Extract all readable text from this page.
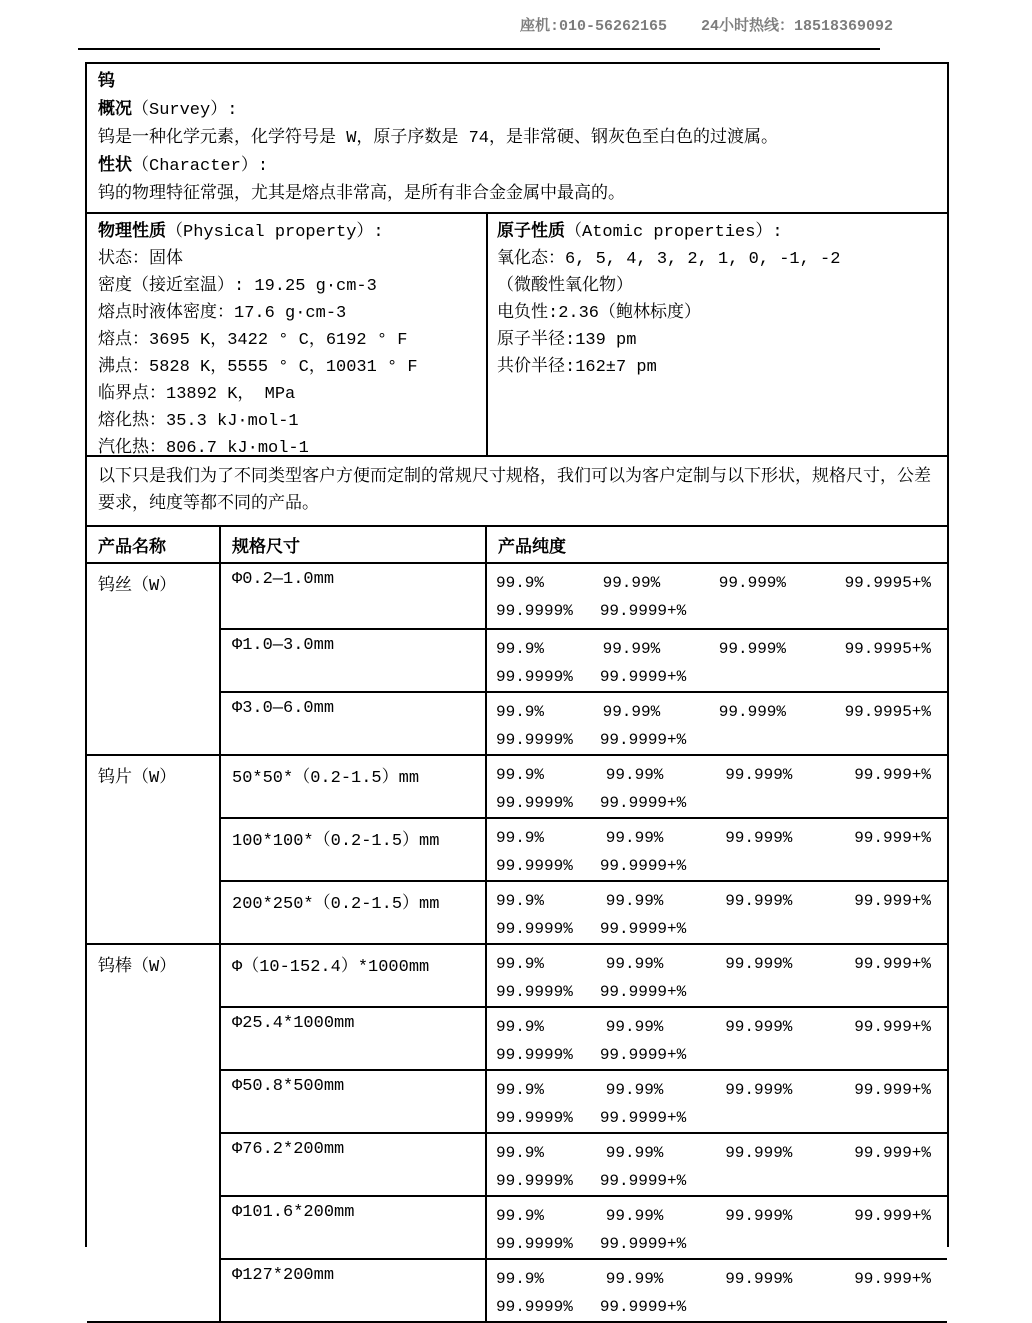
座机:010-56262165 24小时热线：18518369092
钨
概况（Survey）:
钨是一种化学元素，化学符号是 W，原子序数是 74，是非常硬、钢灰色至白色的过渡属。
性状（Character）:
钨的物理特征常强，尤其是熔点非常高，是所有非合金金属中最高的。
物理性质（Physical property）:
状态：固体
密度（接近室温）: 19.25 g·cm-3
熔点时液体密度：17.6 g·cm-3
熔点：3695 K，3422 ° C，6192 ° F
沸点：5828 K，5555 ° C，10031 ° F
临界点：13892 K， MPa
熔化热：35.3 kJ·mol-1
汽化热：806.7 kJ·mol-1
原子性质（Atomic properties）:
氧化态：6, 5, 4, 3, 2, 1, 0, -1, -2
（微酸性氧化物）
电负性:2.36（鲍林标度）
原子半径:139 pm
共价半径:162±7 pm
以下只是我们为了不同类型客户方便而定制的常规尺寸规格，我们可以为客户定制与以下形状，规格尺寸，公差要求，纯度等都不同的产品。
产品名称	规格尺寸	产品纯度
钨丝（W）	Φ0.2—1.0mm	99.9%	99.99%	99.999%	99.9995+%
99.9999% 99.9999+%

Φ1.0—3.0mm	99.9%	99.99%	99.999%	99.9995+%
99.9999% 99.9999+%

Φ3.0—6.0mm	99.9%	99.99%	99.999%	99.9995+%
99.9999% 99.9999+%

钨片（W）	50*50*（0.2-1.5）mm	99.9%	99.99%	99.999%	99.999+%
99.9999% 99.9999+%

100*100*（0.2-1.5）mm	99.9%	99.99%	99.999%	99.999+%
99.9999% 99.9999+%

200*250*（0.2-1.5）mm	99.9%	99.99%	99.999%	99.999+%
99.9999% 99.9999+%

钨棒（W）	Φ（10-152.4）*1000mm	99.9%	99.99%	99.999%	99.999+%
99.9999% 99.9999+%

Φ25.4*1000mm	99.9%	99.99%	99.999%	99.999+%
99.9999% 99.9999+%

Φ50.8*500mm	99.9%	99.99%	99.999%	99.999+%
99.9999% 99.9999+%

Φ76.2*200mm	99.9%	99.99%	99.999%	99.999+%
99.9999% 99.9999+%

Φ101.6*200mm	99.9%	99.99%	99.999%	99.999+%
99.9999% 99.9999+%

Φ127*200mm	99.9%	99.99%	99.999%	99.999+%
99.9999% 99.9999+%
